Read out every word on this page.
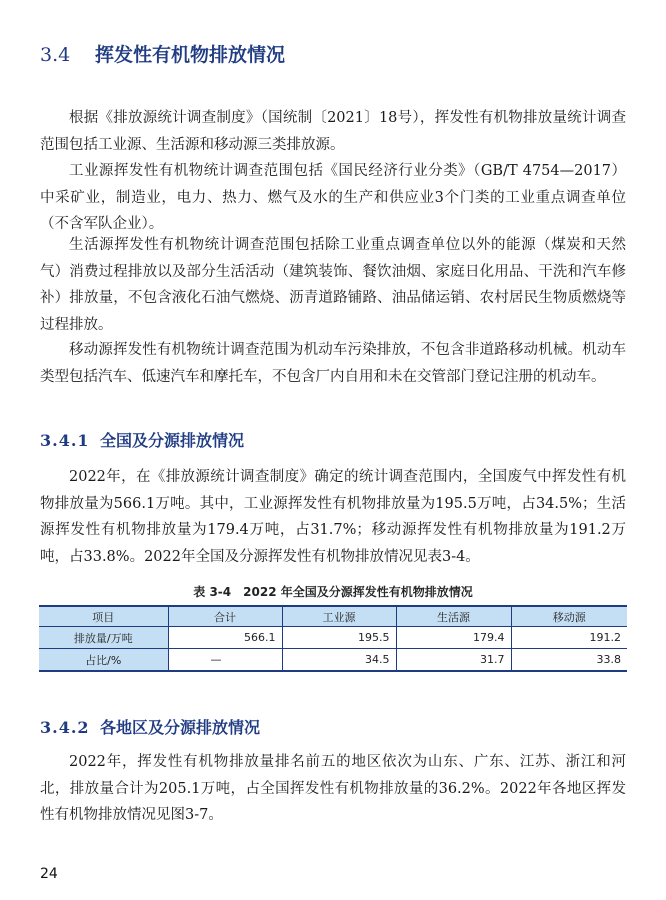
3.4 挥发性有机物排放情况

根据《排放源统计调查制度》（国统制〔2021〕18号），挥发性有机物排放量统计调查范围包括工业源、生活源和移动源三类排放源。

工业源挥发性有机物统计调查范围包括《国民经济行业分类》（GB/T 4754—2017）中采矿业，制造业，电力、热力、燃气及水的生产和供应业3个门类的工业重点调查单位（不含军队企业）。

生活源挥发性有机物统计调查范围包括除工业重点调查单位以外的能源（煤炭和天然气）消费过程排放以及部分生活活动（建筑装饰、餐饮油烟、家庭日化用品、干洗和汽车修补）排放量，不包含液化石油气燃烧、沥青道路铺路、油品储运销、农村居民生物质燃烧等过程排放。

移动源挥发性有机物统计调查范围为机动车污染排放，不包含非道路移动机械。机动车类型包括汽车、低速汽车和摩托车，不包含厂内自用和未在交管部门登记注册的机动车。

3.4.1 全国及分源排放情况

2022年，在《排放源统计调查制度》确定的统计调查范围内，全国废气中挥发性有机物排放量为566.1万吨。其中，工业源挥发性有机物排放量为195.5万吨，占34.5%；生活源挥发性有机物排放量为179.4万吨，占31.7%；移动源挥发性有机物排放量为191.2万吨，占33.8%。2022年全国及分源挥发性有机物排放情况见表3-4。

表 3-4　2022 年全国及分源挥发性有机物排放情况
项目	合计	工业源	生活源	移动源
排放量/万吨	566.1	195.5	179.4	191.2
占比/%	—	34.5	31.7	33.8
3.4.2 各地区及分源排放情况

2022年，挥发性有机物排放量排名前五的地区依次为山东、广东、江苏、浙江和河北，排放量合计为205.1万吨，占全国挥发性有机物排放量的36.2%。2022年各地区挥发性有机物排放情况见图3-7。

24
